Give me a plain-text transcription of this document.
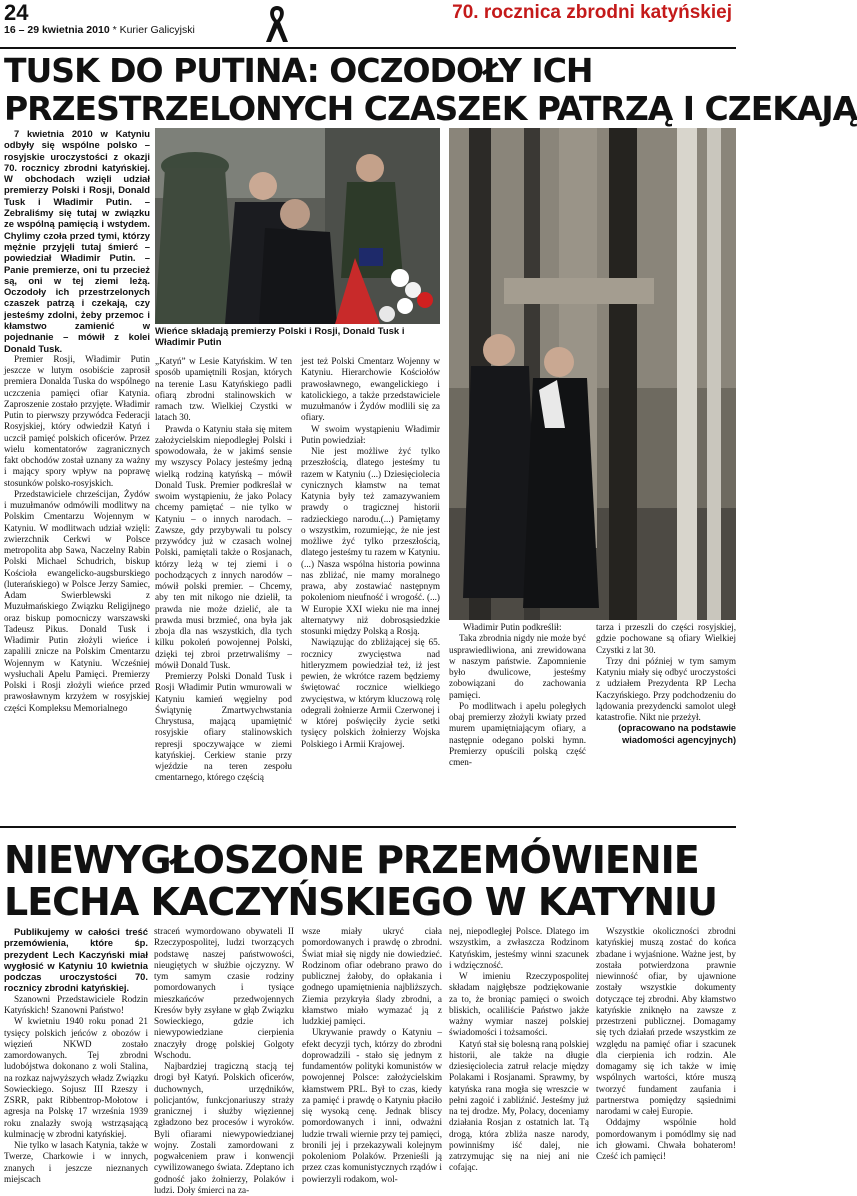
24
16 – 29 kwietnia 2010 * Kurier Galicyjski
70. rocznica zbrodni katyńskiej
TUSK DO PUTINA: OCZODOŁY ICH
PRZESTRZELONYCH CZASZEK PATRZĄ I CZEKAJĄ

7 kwietnia 2010 w Katyniu odbyły się wspólne polsko – rosyjskie uroczystości z okazji 70. rocznicy zbrodni katyńskiej. W obchodach wzięli udział premierzy Polski i Rosji, Donald Tusk i Władimir Putin. – Zebraliśmy się tutaj w związku ze wspólną pamięcią i wstydem. Chylimy czoła przed tymi, którzy mężnie przyjęli tutaj śmierć – powiedział Władimir Putin. – Panie premierze, oni tu przecież są, oni w tej ziemi leżą. Oczodoły ich przestrzelonych czaszek patrzą i czekają, czy jesteśmy zdolni, żeby przemoc i kłamstwo zamienić w pojednanie – mówił z kolei Donald Tusk.

Premier Rosji, Władimir Putin jeszcze w lutym osobiście zaprosił premiera Donalda Tuska do wspólnego uczczenia pamięci ofiar Katynia. Zaproszenie zostało przyjęte. Władimir Putin to pierwszy przywódca Federacji Rosyjskiej, który odwiedził Katyń i uczcił pamięć polskich oficerów. Przez wielu komentatorów zagranicznych fakt obchodów został uznany za ważny i mający spory wpływ na poprawę stosunków polsko-rosyjskich.

Przedstawiciele chrześcijan, Żydów i muzułmanów odmówili modlitwy na Polskim Cmentarzu Wojennym w Katyniu. W modlitwach udział wzięli: zwierzchnik Cerkwi w Polsce metropolita abp Sawa, Naczelny Rabin Polski Michael Schudrich, biskup Kościoła ewangelicko-augsburskiego (luterańskiego) w Polsce Jerzy Samiec, Adam Swierblewski z Muzułmańskiego Związku Religijnego oraz biskup pomocniczy warszawski Tadeusz Pikus. Donald Tusk i Władimir Putin złożyli wieńce i zapalili znicze na Polskim Cmentarzu Wojennym w Katyniu. Wcześniej wysłuchali Apelu Pamięci. Premierzy Polski i Rosji złożyli wieńce przed prawosławnym krzyżem w rosyjskiej części Kompleksu Memorialnego

Wieńce składają premierzy Polski i Rosji, Donald Tusk i Władimir Putin

„Katyń” w Lesie Katyńskim. W ten sposób upamiętnili Rosjan, których na terenie Lasu Katyńskiego padli ofiarą zbrodni stalinowskich w ramach tzw. Wielkiej Czystki w latach 30.

Prawda o Katyniu stała się mitem założycielskim niepodległej Polski i spowodowała, że w jakimś sensie my wszyscy Polacy jesteśmy jedną wielką rodziną katyńską – mówił Donald Tusk. Premier podkreślał w swoim wystąpieniu, że jako Polacy chcemy pamiętać – nie tylko w Katyniu – o innych narodach. – Zawsze, gdy przybywali tu polscy przywódcy już w czasach wolnej Polski, pamiętali także o Rosjanach, którzy leżą w tej ziemi i o pochodzących z innych narodów – mówił polski premier. – Chcemy, aby ten mit nikogo nie dzielił, ta prawda nie może dzielić, ale ta prawda musi brzmieć, ona była jak zboja dla nas wszystkich, dla tych kilku pokoleń powojennej Polski, dzięki tej zbroi przetrwaliśmy – mówił Donald Tusk.

Premierzy Polski Donald Tusk i Rosji Władimir Putin wmurowali w Katyniu kamień węgielny pod Świątynię Zmartwychwstania Chrystusa, mającą upamiętnić rosyjskie ofiary stalinowskich represji spoczywające w ziemi katyńskiej. Cerkiew stanie przy wjeździe na teren zespołu cmentarnego, którego częścią

jest też Polski Cmentarz Wojenny w Katyniu. Hierarchowie Kościołów prawosławnego, ewangelickiego i katolickiego, a także przedstawiciele muzułmanów i Żydów modlili się za ofiary.

W swoim wystąpieniu Władimir Putin powiedział:

Nie jest możliwe żyć tylko przeszłością, dlatego jesteśmy tu razem w Katyniu (...) Dziesięciolecia cynicznych kłamstw na temat Katynia były też zamazywaniem prawdy o tragicznej historii radzieckiego narodu.(...) Pamiętamy o wszystkim, rozumiejąc, że nie jest możliwe żyć tylko przeszłością, dlatego jesteśmy tu razem w Katyniu.(...) Nasza wspólna historia powinna nas zbliżać, nie mamy moralnego prawa, aby zostawiać następnym pokoleniom nieufność i wrogość. (...) W Europie XXI wieku nie ma innej alternatywy niż dobrosąsiedzkie stosunki między Polską a Rosją.

Nawiązując do zbliżającej się 65. rocznicy zwycięstwa nad hitleryzmem powiedział też, iż jest pewien, że wkrótce razem będziemy świętować rocznice wielkiego zwycięstwa, w którym kluczową rolę odegrali żołnierze Armii Czerwonej i w której poświęciły życie setki tysięcy polskich żołnierzy Wojska Polskiego i Armii Krajowej.

Władimir Putin podkreślił:

Taka zbrodnia nigdy nie może być usprawiedliwiona, ani zrewidowana w naszym państwie. Zapomnienie było dwulicowe, jesteśmy zobowiązani do zachowania pamięci.

Po modlitwach i apelu poległych obaj premierzy złożyli kwiaty przed murem upamiętniającym ofiary, a następnie odegano polski hymn. Premierzy opuścili polską część cmen-

tarza i przeszli do części rosyjskiej, gdzie pochowane są ofiary Wielkiej Czystki z lat 30.

Trzy dni później w tym samym Katyniu miały się odbyć uroczystości z udziałem Prezydenta RP Lecha Kaczyńskiego. Przy podchodzeniu do lądowania prezydencki samolot uległ katastrofie. Nikt nie przeżył.

(opracowano na podstawie wiadomości agencyjnych)

NIEWYGŁOSZONE PRZEMÓWIENIE
LECHA KACZYŃSKIEGO W KATYNIU

Publikujemy w całości treść przemówienia, które śp. prezydent Lech Kaczyński miał wygłosić w Katyniu 10 kwietnia podczas uroczystości 70. rocznicy zbrodni katyńskiej.

Szanowni Przedstawiciele Rodzin Katyńskich! Szanowni Państwo!

W kwietniu 1940 roku ponad 21 tysięcy polskich jeńców z obozów i więzień NKWD zostało zamordowanych. Tej zbrodni ludobójstwa dokonano z woli Stalina, na rozkaz najwyższych władz Związku Sowieckiego. Sojusz III Rzeszy i ZSRR, pakt Ribbentrop-Mołotow i agresja na Polskę 17 września 1939 roku znalazły swoją wstrząsającą kulminację w zbrodni katyńskiej.

Nie tylko w lasach Katynia, także w Twerze, Charkowie i w innych, znanych i jeszcze nieznanych miejscach

straceń wymordowano obywateli II Rzeczypospolitej, ludzi tworzących podstawę naszej państwowości, nieugiętych w służbie ojczyzny. W tym samym czasie rodziny pomordowanych i tysiące mieszkańców przedwojennych Kresów były zsyłane w głąb Związku Sowieckiego, gdzie ich niewypowiedziane cierpienia znaczyły drogę polskiej Golgoty Wschodu.

Najbardziej tragiczną stacją tej drogi był Katyń. Polskich oficerów, duchownych, urzędników, policjantów, funkcjonariuszy straży granicznej i służby więziennej zgładzono bez procesów i wyroków. Byli ofiarami niewypowiedzianej wojny. Zostali zamordowani z pogwałceniem praw i konwencji cywilizowanego świata. Zdeptano ich godność jako żołnierzy, Polaków i ludzi. Doły śmierci na za-

wsze miały ukryć ciała pomordowanych i prawdę o zbrodni. Świat miał się nigdy nie dowiedzieć. Rodzinom ofiar odebrano prawo do publicznej żałoby, do opłakania i godnego upamiętnienia najbliższych. Ziemia przykryła ślady zbrodni, a kłamstwo miało wymazać ją z ludzkiej pamięci.

Ukrywanie prawdy o Katyniu – efekt decyzji tych, którzy do zbrodni doprowadzili - stało się jednym z fundamentów polityki komunistów w powojennej Polsce: założycielskim kłamstwem PRL. Był to czas, kiedy za pamięć i prawdę o Katyniu płaciło się wysoką cenę. Jednak bliscy pomordowanych i inni, odważni ludzie trwali wiernie przy tej pamięci, bronili jej i przekazywali kolejnym pokoleniom Polaków. Przenieśli ją przez czas komunistycznych rządów i powierzyli rodakom, wol-

nej, niepodległej Polsce. Dlatego im wszystkim, a zwłaszcza Rodzinom Katyńskim, jesteśmy winni szacunek i wdzięczność.

W imieniu Rzeczypospolitej składam najgłębsze podziękowanie za to, że broniąc pamięci o swoich bliskich, ocaliliście Państwo jakże ważny wymiar naszej polskiej świadomości i tożsamości.

Katyń stał się bolesną raną polskiej historii, ale także na długie dziesięciolecia zatruł relacje między Polakami i Rosjanami. Sprawmy, by katyńska rana mogła się wreszcie w pełni zagoić i zabliźnić. Jesteśmy już na tej drodze. My, Polacy, doceniamy działania Rosjan z ostatnich lat. Tą drogą, która zbliża nasze narody, powinniśmy iść dalej, nie zatrzymując się na niej ani nie cofając.

Wszystkie okoliczności zbrodni katyńskiej muszą zostać do końca zbadane i wyjaśnione. Ważne jest, by została potwierdzona prawnie niewinność ofiar, by ujawnione zostały wszystkie dokumenty dotyczące tej zbrodni. Aby kłamstwo katyńskie zniknęło na zawsze z przestrzeni publicznej. Domagamy się tych działań przede wszystkim ze względu na pamięć ofiar i szacunek dla cierpienia ich rodzin. Ale domagamy się ich także w imię wspólnych wartości, które muszą tworzyć fundament zaufania i partnerstwa pomiędzy sąsiednimi narodami w całej Europie.

Oddajmy wspólnie hold pomordowanym i pomódlmy się nad ich głowami. Chwała bohaterom! Cześć ich pamięci!
